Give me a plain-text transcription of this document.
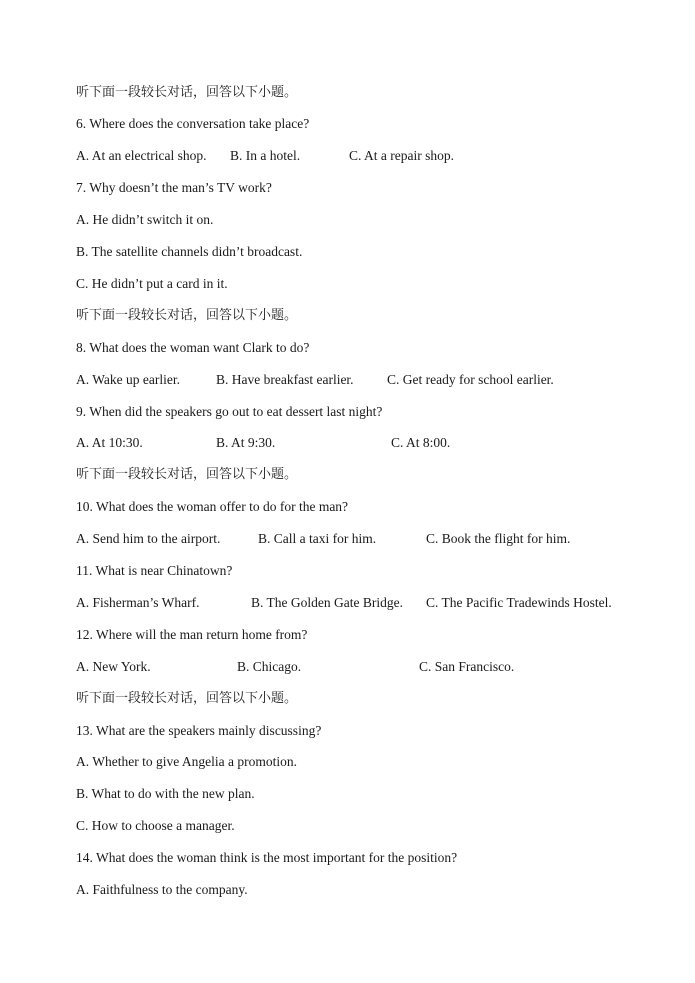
听下面一段较长对话，回答以下小题。
6. Where does the conversation take place?
A. At an electrical shop. B. In a hotel.	C. At a repair shop.
7. Why doesn’t the man’s TV work?
A. He didn’t switch it on.
B. The satellite channels didn’t broadcast.
C. He didn’t put a card in it.
听下面一段较长对话，回答以下小题。
8. What does the woman want Clark to do?
A. Wake up earlier.	B. Have breakfast earlier. C. Get ready for school earlier.
9. When did the speakers go out to eat dessert last night?
A. At 10:30.	B. At 9:30.	C. At 8:00.
听下面一段较长对话，回答以下小题。
10. What does the woman offer to do for the man?
A. Send him to the airport.	B. Call a taxi for him.	C. Book the flight for him.
11. What is near Chinatown?
A. Fisherman’s Wharf.	B. The Golden Gate Bridge. C. The Pacific Tradewinds Hostel.
12. Where will the man return home from?
A. New York.	B. Chicago.	C. San Francisco.
听下面一段较长对话，回答以下小题。
13. What are the speakers mainly discussing?
A. Whether to give Angelia a promotion.
B. What to do with the new plan.
C. How to choose a manager.
14. What does the woman think is the most important for the position?
A. Faithfulness to the company.
